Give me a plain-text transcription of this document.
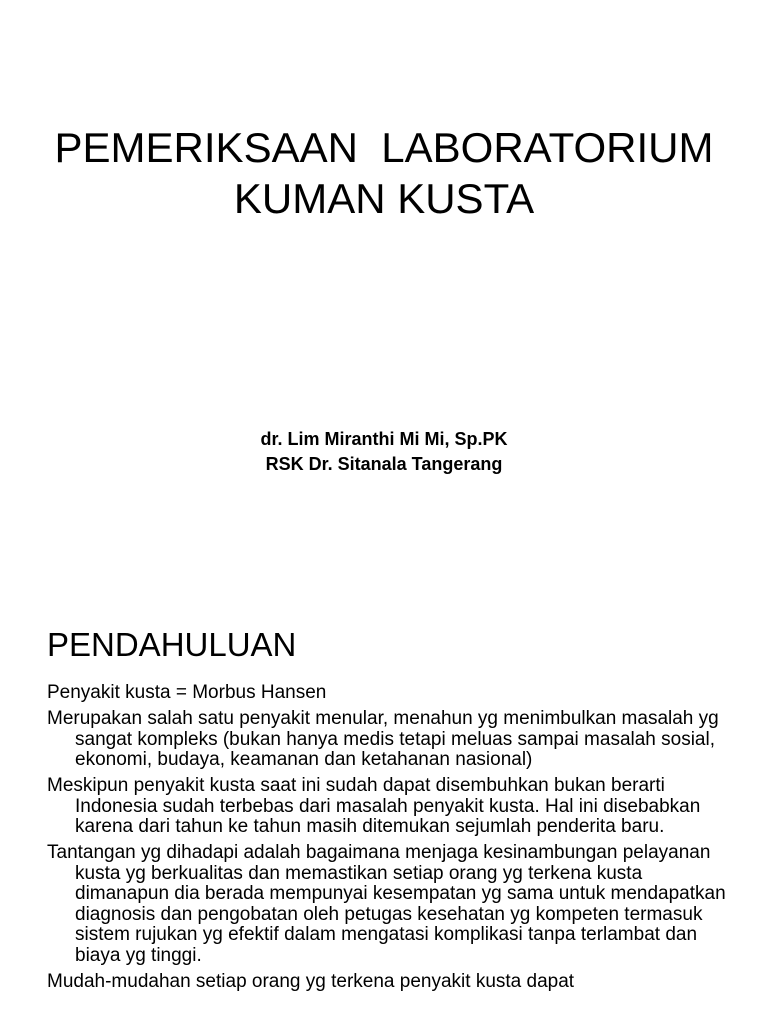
PEMERIKSAAN  LABORATORIUM
KUMAN KUSTA
dr. Lim Miranthi Mi Mi, Sp.PK
RSK Dr. Sitanala Tangerang
PENDAHULUAN
Penyakit kusta = Morbus Hansen
Merupakan salah satu penyakit menular, menahun yg menimbulkan masalah yg sangat kompleks (bukan hanya medis tetapi meluas sampai masalah sosial, ekonomi, budaya, keamanan dan ketahanan nasional)
Meskipun penyakit kusta saat ini sudah dapat disembuhkan bukan berarti Indonesia sudah terbebas dari masalah penyakit kusta. Hal ini disebabkan karena dari tahun ke tahun masih ditemukan sejumlah penderita baru.
Tantangan yg dihadapi adalah bagaimana menjaga kesinambungan pelayanan kusta yg berkualitas dan memastikan setiap orang yg terkena kusta dimanapun dia berada mempunyai kesempatan yg sama untuk mendapatkan diagnosis dan pengobatan oleh petugas kesehatan yg kompeten termasuk sistem rujukan yg efektif dalam mengatasi komplikasi tanpa terlambat dan biaya yg tinggi.
Mudah-mudahan setiap orang yg terkena penyakit kusta dapat
